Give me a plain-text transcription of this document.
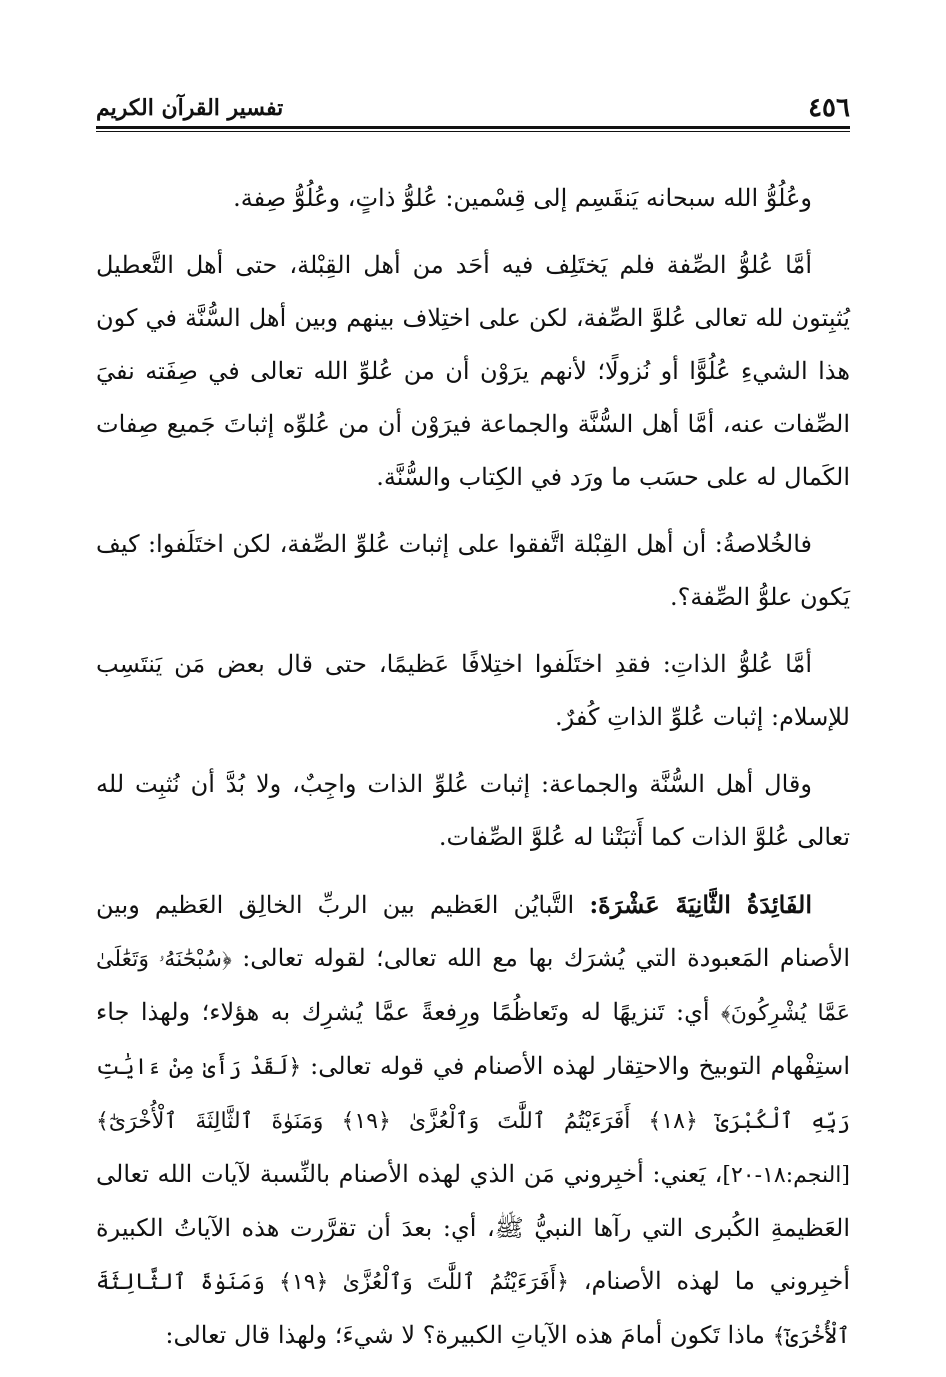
٤٥٦
تفسير القرآن الكريم

وعُلُوُّ الله سبحانه يَنقَسِم إلى قِسْمين: عُلوُّ ذاتٍ، وعُلُوُّ صِفة.

أمَّا عُلوُّ الصِّفة فلم يَختَلِف فيه أحَد من أهل القِبْلة، حتى أهل التَّعطيل يُثبِتون لله تعالى عُلوَّ الصِّفة، لكن على اختِلاف بينهم وبين أهل السُّنَّة في كون هذا الشيءِ عُلُوًّا أو نُزولًا؛ لأنهم يرَوْن أن من عُلوِّ الله تعالى في صِفَته نفيَ الصِّفات عنه، أمَّا أهل السُّنَّة والجماعة فيرَوْن أن من عُلوِّه إثباتَ جَميع صِفات الكَمال له على حسَب ما ورَد في الكِتاب والسُّنَّة.

فالخُلاصةُ: أن أهل القِبْلة اتَّفقوا على إثبات عُلوِّ الصِّفة، لكن اختَلَفوا: كيف يَكون علوُّ الصِّفة؟.

أمَّا عُلوُّ الذاتِ: فقدِ اختَلَفوا اختِلافًا عَظيمًا، حتى قال بعض مَن يَنتَسِب للإسلام: إثبات عُلوِّ الذاتِ كُفرٌ.

وقال أهل السُّنَّة والجماعة: إثبات عُلوِّ الذات واجِبٌ، ولا بُدَّ أن نُثبِت لله تعالى عُلوَّ الذات كما أَثبَتْنا له عُلوَّ الصِّفات.

الفَائِدَةُ الثَّانِيَةَ عَشْرَةَ: التَّبايُن العَظيم بين الربِّ الخالِق العَظيم وبين الأصنام المَعبودة التي يُشرَك بها مع الله تعالى؛ لقوله تعالى: ﴿سُبْحَٰنَهُۥ وَتَعَٰلَىٰ عَمَّا يُشْرِكُونَ﴾ أي: تَنزيهًا له وتَعاظُمًا ورِفعةً عمَّا يُشرِك به هؤلاء؛ ولهذا جاء استِفْهام التوبيخ والاحتِقار لهذه الأصنام في قوله تعالى: ﴿لَقَدْ رَأَىٰ مِنْ ءَايَٰتِ رَبِّهِ ٱلْكُبْرَىٰٓ ﴿١٨﴾ أَفَرَءَيْتُمُ ٱللَّٰتَ وَٱلْعُزَّىٰ ﴿١٩﴾ وَمَنَوٰةَ ٱلثَّالِثَةَ ٱلْأُخْرَىٰٓ﴾ [النجم:١٨-٢٠]، يَعني: أخبِروني مَن الذي لهذه الأصنام بالنِّسبة لآيات الله تعالى العَظيمةِ الكُبرى التي رآها النبيُّ ﷺ، أي: بعدَ أن تقرَّرت هذه الآياتُ الكبيرة أخبِروني ما لهذه الأصنام، ﴿أَفَرَءَيْتُمُ ٱللَّٰتَ وَٱلْعُزَّىٰ ﴿١٩﴾ وَمَنَوٰةَ ٱلثَّالِثَةَ ٱلْأُخْرَىٰٓ﴾ ماذا تَكون أمامَ هذه الآياتِ الكبيرة؟ لا شيءَ؛ ولهذا قال تعالى:
